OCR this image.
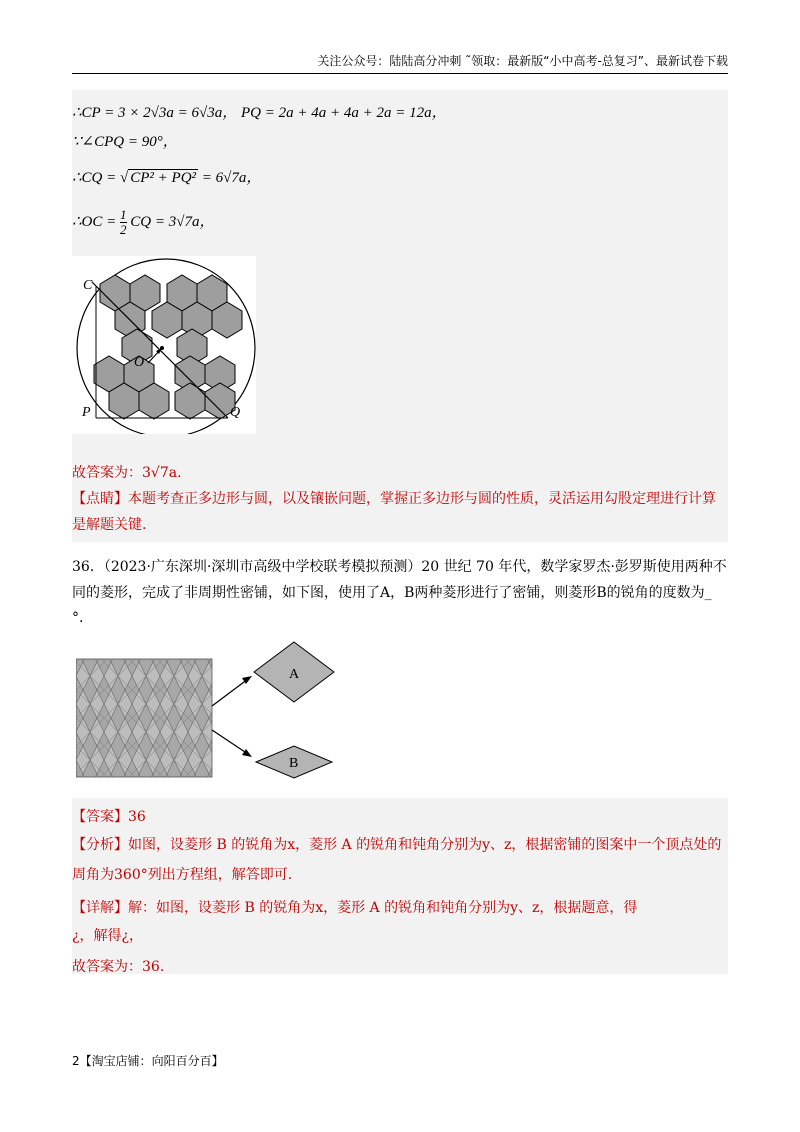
关注公众号：陆陆高分冲刺 ˜领取：最新版“小中高考-总复习”、最新试卷下载
∴CP = 3 × 2√3a = 6√3a， PQ = 2a + 4a + 4a + 2a = 12a，
∵∠CPQ = 90°，
∴CQ = √ CP² + PQ² = 6√7a，
∴OC = $\frac{1}{2}$ CQ = 3√7a，
C
O
P	Q
故答案为：3√7a.
【点睛】本题考查正多边形与圆，以及镶嵌问题，掌握正多边形与圆的性质，灵活运用勾股定理进行计算是解题关键.
36．（2023·广东深圳·深圳市高级中学校联考模拟预测）20 世纪 70 年代，数学家罗杰·彭罗斯使用两种不
同的菱形，完成了非周期性密铺，如下图，使用了A，B两种菱形进行了密铺，则菱形B的锐角的度数为_
°.
A
B
【答案】36
【分析】如图，设菱形 B 的锐角为x，菱形 A 的锐角和钝角分别为y、z，根据密铺的图案中一个顶点处的
周角为360°列出方程组，解答即可.
【详解】解：如图，设菱形 B 的锐角为x，菱形 A 的锐角和钝角分别为y、z，根据题意，得
¿，解得¿，
故答案为：36.
2【淘宝店铺：向阳百分百】
